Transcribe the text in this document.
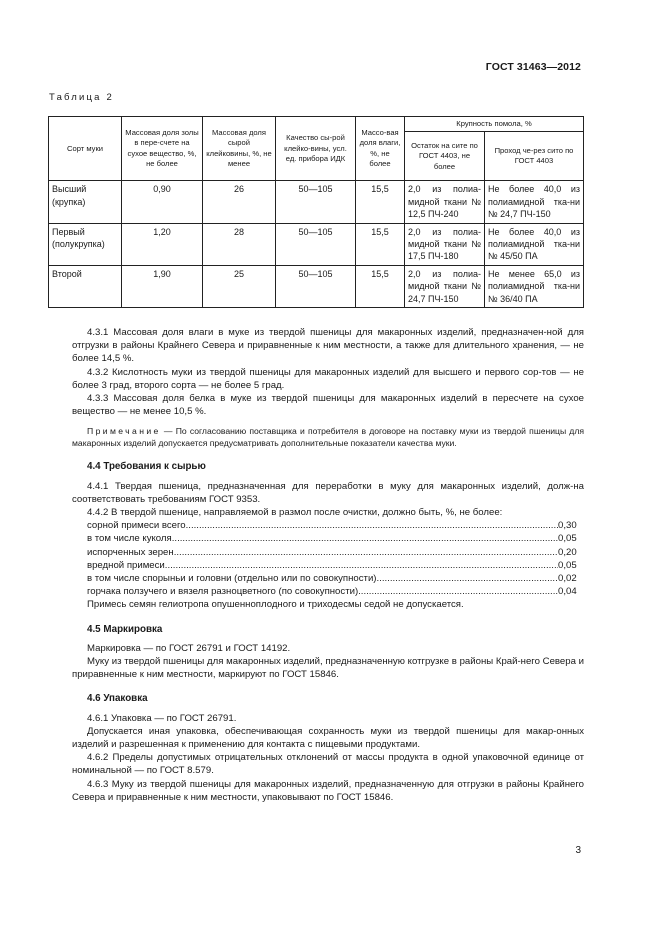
ГОСТ 31463—2012
Таблица 2
Сорт муки	Массовая доля золы в пере-счете на сухое вещество, %, не более	Массовая доля сырой клейковины, %, не менее	Качество сы-рой клейко-вины, усл. ед. прибора ИДК	Массо-вая доля влаги, %, не более	Крупность помола, %	
					Остаток на сите по ГОСТ 4403, не более	Проход че-рез сито по ГОСТ 4403
Высший (крупка)	0,90	26	50—105	15,5	2,0 из полиа-мидной ткани № 12,5 ПЧ-240	Не более 40,0 из полиамидной тка-ни № 24,7 ПЧ-150
Первый (полукрупка)	1,20	28	50—105	15,5	2,0 из полиа-мидной ткани № 17,5 ПЧ-180	Не более 40,0 из полиамидной тка-ни № 45/50 ПА
Второй	1,90	25	50—105	15,5	2,0 из полиа-мидной ткани № 24,7 ПЧ-150	Не менее 65,0 из полиамидной тка-ни № 36/40 ПА

4.3.1 Массовая доля влаги в муке из твердой пшеницы для макаронных изделий, предназначен-ной для отгрузки в районы Крайнего Севера и приравненные к ним местности, а также для длительного хранения, — не более 14,5 %.

4.3.2 Кислотность муки из твердой пшеницы для макаронных изделий для высшего и первого сор-тов — не более 3 град, второго сорта — не более 5 град.

4.3.3 Массовая доля белка в муке из твердой пшеницы для макаронных изделий в пересчете на сухое вещество — не менее 10,5 %.

Примечание — По согласованию поставщика и потребителя в договоре на поставку муки из твердой пшеницы для макаронных изделий допускается предусматривать дополнительные показатели качества муки.

4.4 Требования к сырью

4.4.1 Твердая пшеница, предназначенная для переработки в муку для макаронных изделий, долж-на соответствовать требованиям ГОСТ 9353.

4.4.2 В твердой пшенице, направляемой в размол после очистки, должно быть, %, не более:

сорной примеси всего .....	0,30
в том числе куколя .....	0,05
испорченных зерен .....	0,20
вредной примеси .....	0,05
в том числе спорыньи и головни (отдельно или по совокупности) .....	0,02
горчака ползучего и вязеля разноцветного (по совокупности) .....	0,04

Примесь семян гелиотропа опушенноплодного и триходесмы седой не допускается.

4.5 Маркировка

Маркировка — по ГОСТ 26791 и ГОСТ 14192.

Муку из твердой пшеницы для макаронных изделий, предназначенную котгрузке в районы Край-него Севера и приравненные к ним местности, маркируют по ГОСТ 15846.

4.6 Упаковка

4.6.1 Упаковка — по ГОСТ 26791.

Допускается иная упаковка, обеспечивающая сохранность муки из твердой пшеницы для макар-онных изделий и разрешенная к применению для контакта с пищевыми продуктами.

4.6.2 Пределы допустимых отрицательных отклонений от массы продукта в одной упаковочной единице от номинальной — по ГОСТ 8.579.

4.6.3 Муку из твердой пшеницы для макаронных изделий, предназначенную для отгрузки в районы Крайнего Севера и приравненные к ним местности, упаковывают по ГОСТ 15846.

3
